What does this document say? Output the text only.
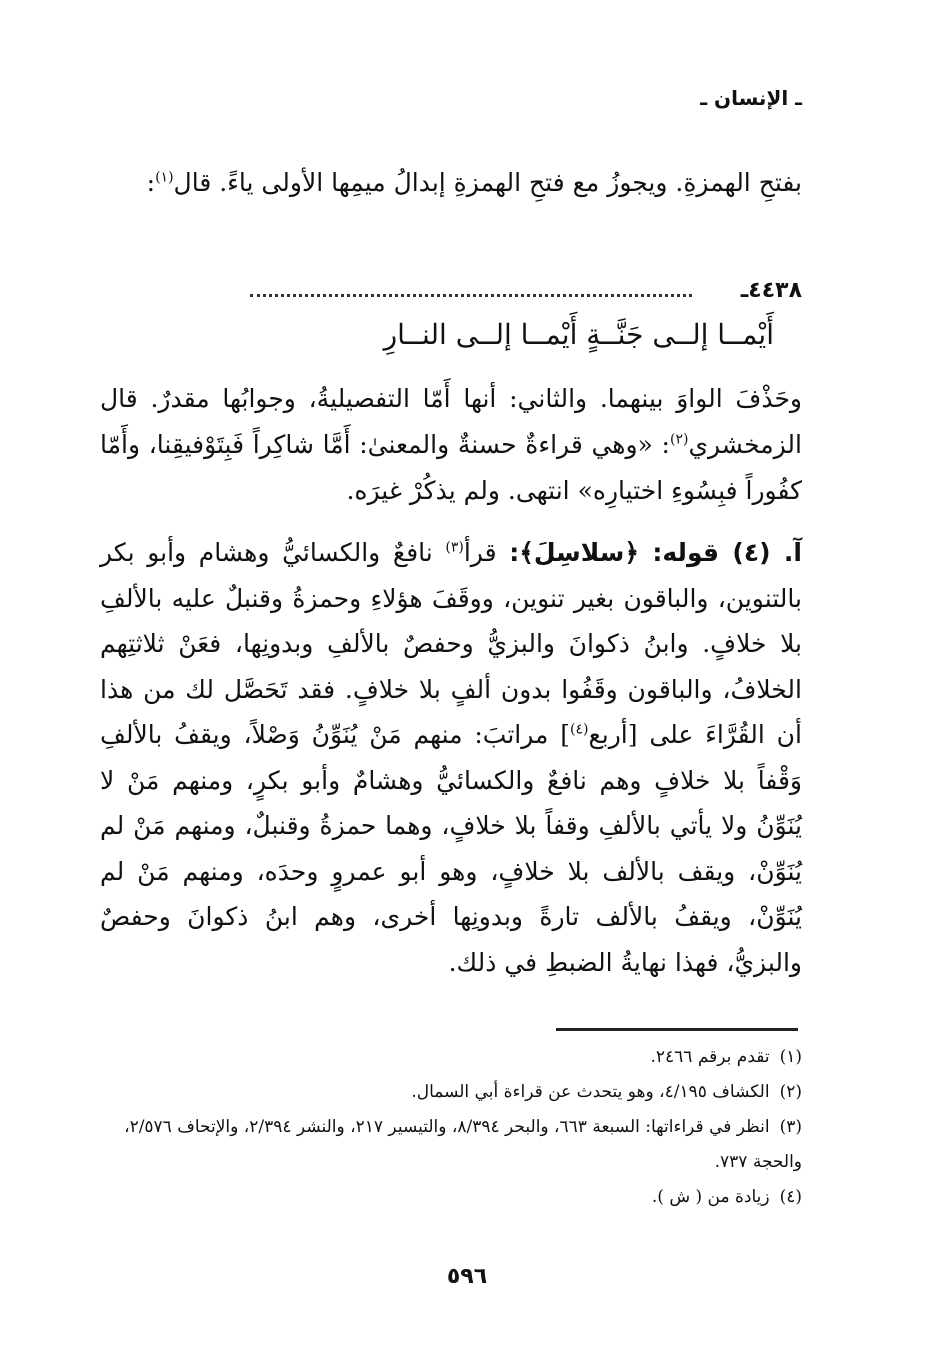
ـ الإنسان ـ

بفتحِ الهمزةِ. ويجوزُ مع فتحِ الهمزةِ إبدالُ ميمِها الأولى ياءً. قال$^{(١)}$:

٤٤٣٨ـ
أَيْمــا إلــى جَنَّــةٍ أَيْمــا إلــى النــارِ

وحَذْفَ الواوَ بينهما. والثاني: أنها أَمّا التفصيليةُ، وجوابُها مقدرٌ. قال الزمخشري$^{(٢)}$: «وهي قراءةٌ حسنةٌ والمعنىٰ: أَمَّا شاكِراً فَبِتَوْفيقِنا، وأَمّا كفُوراً فبِسُوءِ اختيارِه» انتهى. ولم يذكُرْ غيرَه.

آ. (٤) قوله: ﴿سلاسِلَ﴾: قرأ$^{(٣)}$ نافعٌ والكسائيُّ وهشام وأبو بكر بالتنوين، والباقون بغير تنوين، ووقَفَ هؤلاءِ وحمزةُ وقنبلٌ عليه بالألفِ بلا خلافٍ. وابنُ ذكوانَ والبزيُّ وحفصٌ بالألفِ وبدونِها، فعَنْ ثلاثتِهم الخلافُ، والباقون وقَفُوا بدون ألفٍ بلا خلافٍ. فقد تَحَصَّل لك من هذا أن القُرَّاءَ على [أربع$^{(٤)}$] مراتبَ: منهم مَنْ يُنَوِّنُ وَصْلاً، ويقفُ بالألفِ وَقْفاً بلا خلافٍ وهم نافعٌ والكسائيُّ وهشامٌ وأبو بكرٍ، ومنهم مَنْ لا يُنَوِّنُ ولا يأتي بالألفِ وقفاً بلا خلافٍ، وهما حمزةُ وقنبلٌ، ومنهم مَنْ لم يُنَوِّنْ، ويقف بالألف بلا خلافٍ، وهو أبو عمروٍ وحدَه، ومنهم مَنْ لم يُنَوِّنْ، ويقفُ بالألف تارةً وبدونِها أخرى، وهم ابنُ ذكوانَ وحفصٌ والبزيُّ، فهذا نهايةُ الضبطِ في ذلك.

(١)تقدم برقم ٢٤٦٦.
(٢)الكشاف ٤/١٩٥، وهو يتحدث عن قراءة أبي السمال.
(٣)انظر في قراءاتها: السبعة ٦٦٣، والبحر ٨/٣٩٤، والتيسير ٢١٧، والنشر ٢/٣٩٤، والإتحاف ٢/٥٧٦، والحجة ٧٣٧.
(٤)زيادة من ( ش ).
٥٩٦
